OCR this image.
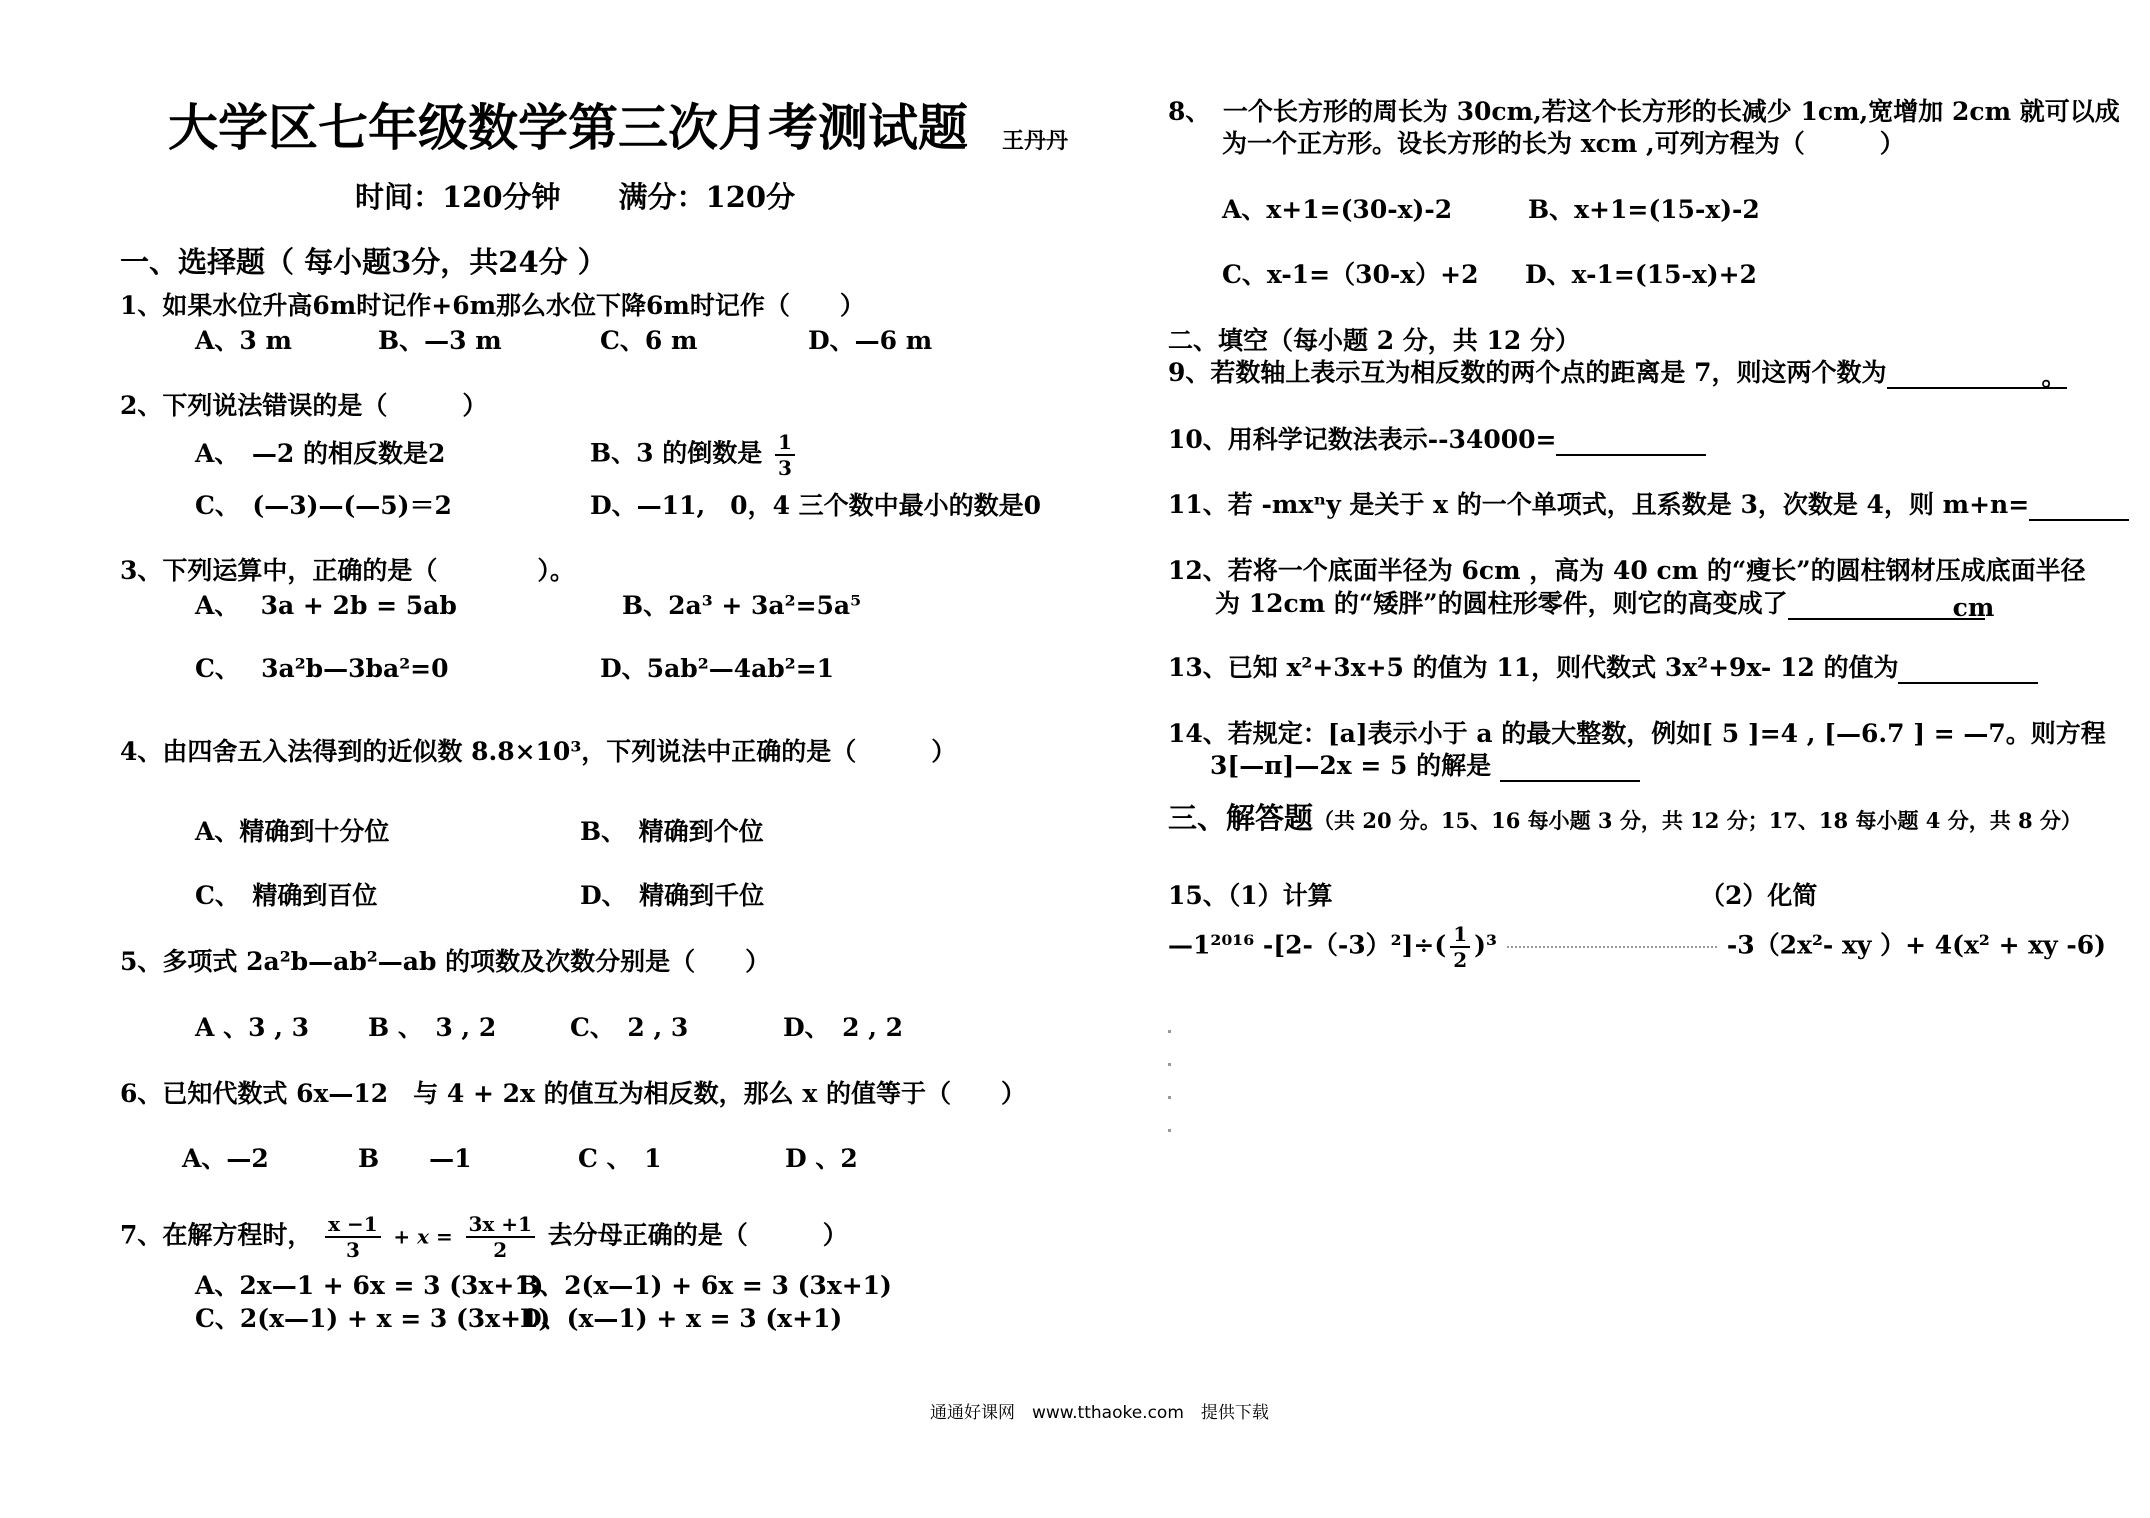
大学区七年级数学第三次月考测试题 王丹丹
时间：120分钟　　满分：120分
一、选择题（ 每小题3分，共24分 ）
1、如果水位升高6m时记作+6m那么水位下降6m时记作（　　）
A、3 m	B、—3 m	C、6 m	D、—6 m
2、下列说法错误的是（　　　）
A、　—2 的相反数是2	B、3 的倒数是 $\frac{1}{3}$
C、　(—3)—(—5)＝2	D、—11,　0，4 三个数中最小的数是0
3、下列运算中，正确的是（　　　　）。
A、　 3a + 2b = 5ab	B、2a³ + 3a²=5a⁵
C、　 3a²b—3ba²=0	D、5ab²—4ab²=1
4、由四舍五入法得到的近似数 8.8×10³，下列说法中正确的是（　　　）
A、精确到十分位	B、　精确到个位
C、　精确到百位	D、　精确到千位
5、多项式 2a²b—ab²—ab 的项数及次数分别是（　　）
A 、3 , 3 B 、　3 , 2	C、　2 , 3	D、　2 , 2
6、已知代数式 6x—12　与 4 + 2x 的值互为相反数，那么 x 的值等于（　　）
A、—2	B　　—1	C 、　1	D 、2
7、在解方程时， $\frac{x -1}{3} + x = \frac{3x +1}{2}$ 去分母正确的是（　　　）
A、2x—1 + 6x = 3 (3x+1)
B、2(x—1) + 6x = 3 (3x+1)
C、2(x—1) + x = 3 (3x+1)
D、(x—1) + x = 3 (x+1)
8、　一个长方形的周长为 30cm,若这个长方形的长减少 1cm,宽增加 2cm 就可以成
为一个正方形。设长方形的长为 xcm ,可列方程为（　　　）
A、x+1=(30-x)-2	B、x+1=(15-x)-2
C、x-1=（30-x）+2 D、x-1=(15-x)+2
二、填空（每小题 2 分，共 12 分）
9、若数轴上表示互为相反数的两个点的距离是 7，则这两个数为	。
10、用科学记数法表示--34000=
11、若 -mxⁿy 是关于 x 的一个单项式，且系数是 3，次数是 4，则 m+n=
12、若将一个底面半径为 6cm ，高为 40 cm 的“瘦长”的圆柱钢材压成底面半径
为 12cm 的“矮胖”的圆柱形零件，则它的高变成了	cm
13、已知 x²+3x+5 的值为 11，则代数式 3x²+9x- 12 的值为
14、若规定：[a]表示小于 a 的最大整数，例如[ 5 ]=4 , [—6.7 ] = —7。则方程
3[—π]—2x = 5 的解是
三、解答题（共 20 分。15、16 每小题 3 分，共 12 分；17、18 每小题 4 分，共 8 分）
15、（1）计算	（2）化简
—1²⁰¹⁶ $-[2-(-3)^2]\div( \frac{1}{2} )^3$	-3（2x²- xy ）+ 4(x² + xy -6)
通通好课网　www.tthaoke.com　提供下载
